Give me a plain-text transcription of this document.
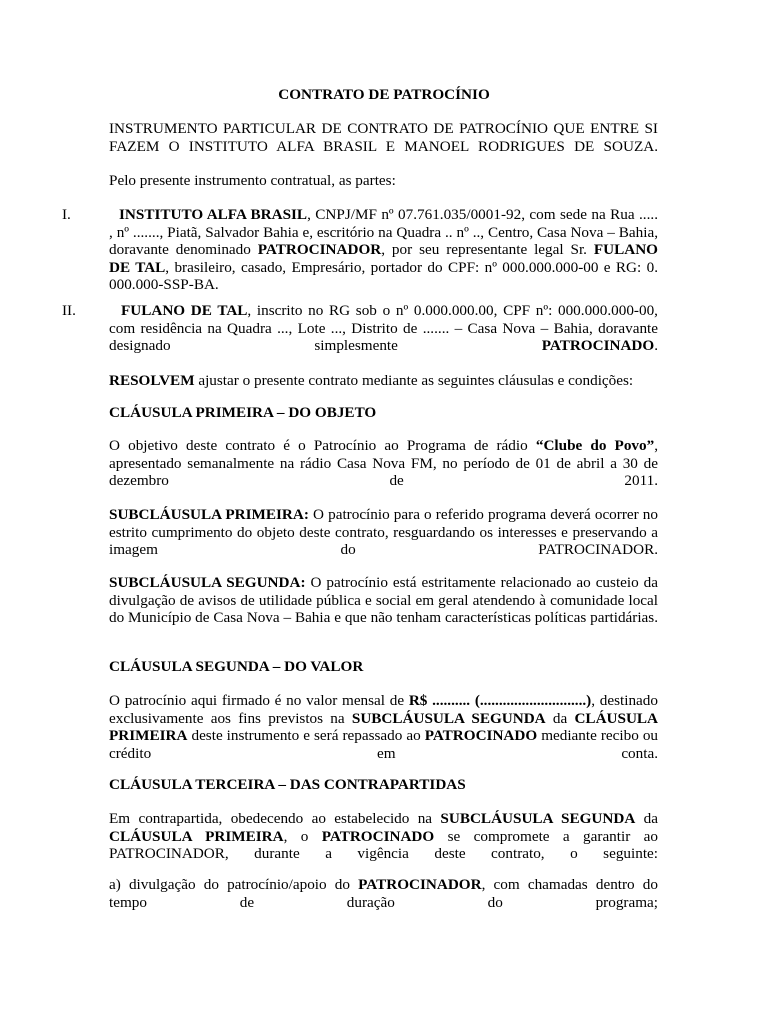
CONTRATO DE PATROCÍNIO

INSTRUMENTO PARTICULAR DE CONTRATO DE PATROCÍNIO QUE ENTRE SI FAZEM O INSTITUTO ALFA BRASIL E MANOEL RODRIGUES DE SOUZA.

Pelo presente instrumento contratual, as partes:

I.	INSTITUTO ALFA BRASIL, CNPJ/MF nº 07.761.035/0001-92, com sede na Rua ..... , nº ......., Piatã, Salvador Bahia e, escritório na Quadra .. nº .., Centro, Casa Nova – Bahia, doravante denominado PATROCINADOR, por seu representante legal Sr. FULANO DE TAL, brasileiro, casado, Empresário, portador do CPF: nº 000.000.000-00 e RG: 0. 000.000-SSP-BA.

II.	FULANO DE TAL, inscrito no RG sob o nº 0.000.000.00, CPF nº: 000.000.000-00, com residência na Quadra ..., Lote ..., Distrito de ....... – Casa Nova – Bahia, doravante designado simplesmente PATROCINADO.

RESOLVEM ajustar o presente contrato mediante as seguintes cláusulas e condições:

CLÁUSULA PRIMEIRA – DO OBJETO

O objetivo deste contrato é o Patrocínio ao Programa de rádio “Clube do Povo”, apresentado semanalmente na rádio Casa Nova FM, no período de 01 de abril a 30 de dezembro de 2011.

SUBCLÁUSULA PRIMEIRA: O patrocínio para o referido programa deverá ocorrer no estrito cumprimento do objeto deste contrato, resguardando os interesses e preservando a imagem do PATROCINADOR.

SUBCLÁUSULA SEGUNDA: O patrocínio está estritamente relacionado ao custeio da divulgação de avisos de utilidade pública e social em geral atendendo à comunidade local do Município de Casa Nova – Bahia e que não tenham características políticas partidárias.

CLÁUSULA SEGUNDA – DO VALOR

O patrocínio aqui firmado é no valor mensal de R$ .......... (............................), destinado exclusivamente aos fins previstos na SUBCLÁUSULA SEGUNDA da CLÁUSULA PRIMEIRA deste instrumento e será repassado ao PATROCINADO mediante recibo ou crédito em conta.

CLÁUSULA TERCEIRA – DAS CONTRAPARTIDAS

Em contrapartida, obedecendo ao estabelecido na SUBCLÁUSULA SEGUNDA da CLÁUSULA PRIMEIRA, o PATROCINADO se compromete a garantir ao PATROCINADOR, durante a vigência deste contrato, o seguinte:

a) divulgação do patrocínio/apoio do PATROCINADOR, com chamadas dentro do tempo de duração do programa;
